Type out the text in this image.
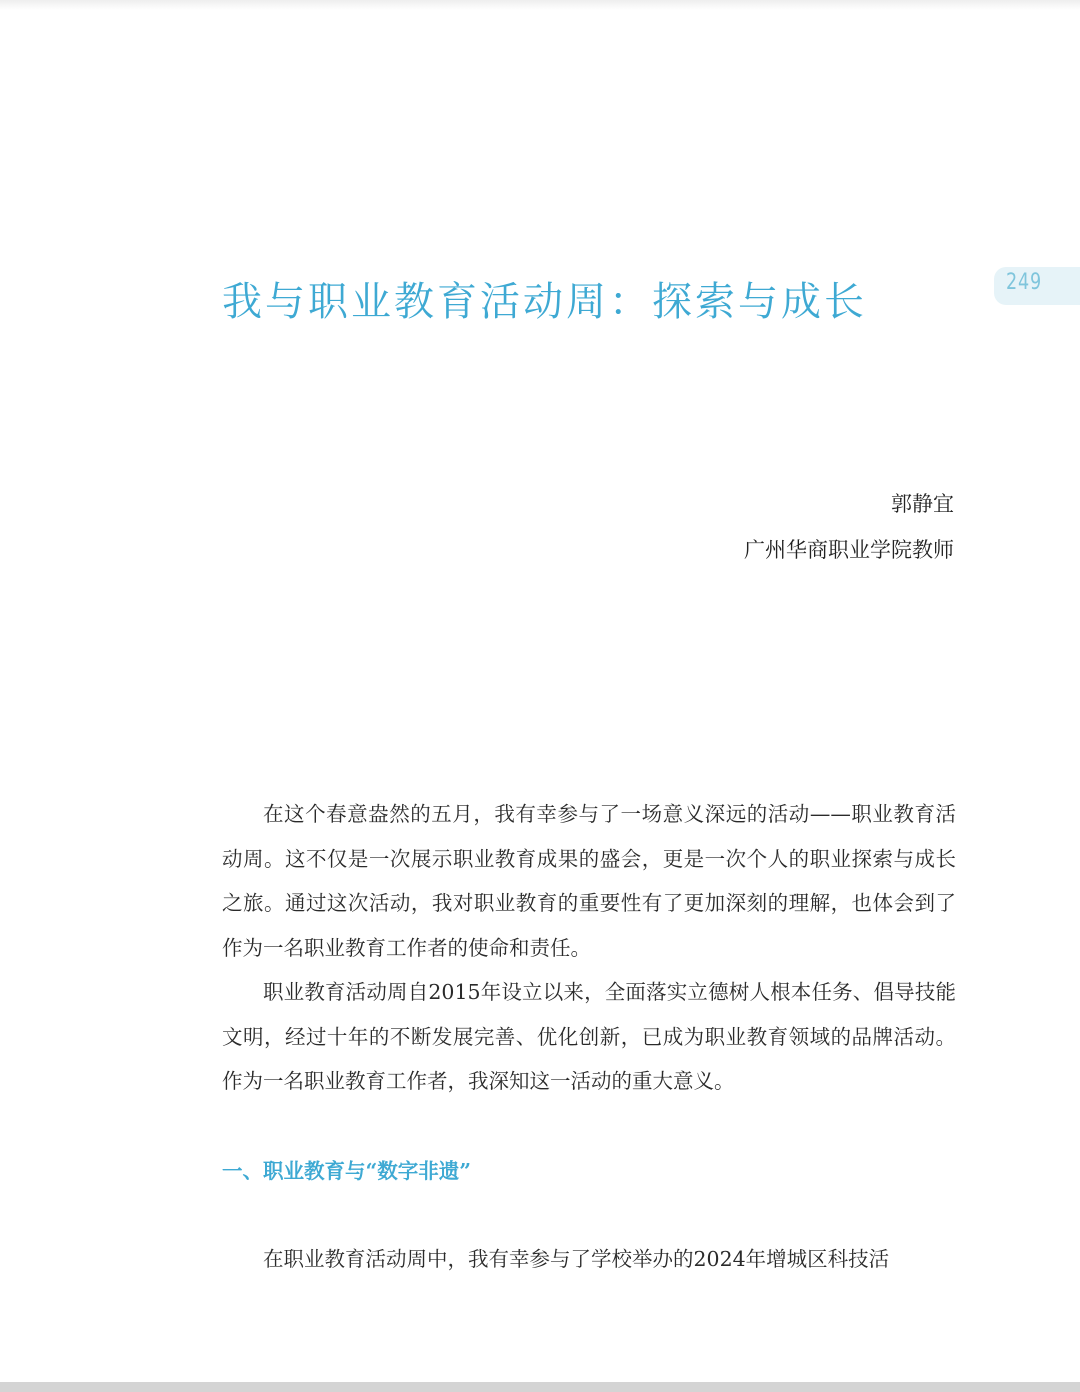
249
我与职业教育活动周：探索与成长
郭静宜
广州华商职业学院教师

在这个春意盎然的五月，我有幸参与了一场意义深远的活动——职业教育活动周。这不仅是一次展示职业教育成果的盛会，更是一次个人的职业探索与成长之旅。通过这次活动，我对职业教育的重要性有了更加深刻的理解，也体会到了作为一名职业教育工作者的使命和责任。

职业教育活动周自2015年设立以来，全面落实立德树人根本任务、倡导技能文明，经过十年的不断发展完善、优化创新，已成为职业教育领域的品牌活动。作为一名职业教育工作者，我深知这一活动的重大意义。

一、职业教育与“数字非遗”

在职业教育活动周中，我有幸参与了学校举办的2024年增城区科技活
